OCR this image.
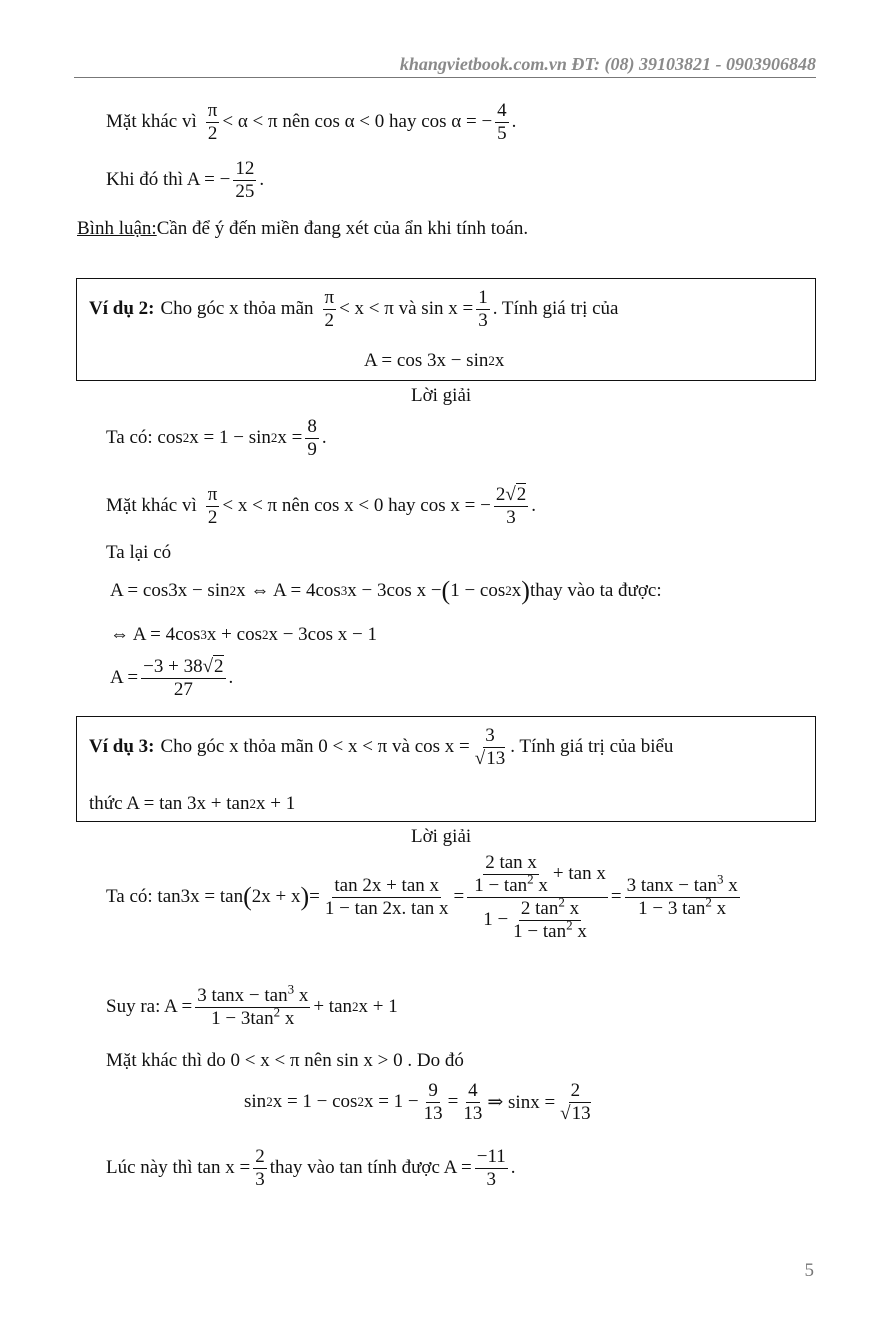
khangvietbook.com.vn ĐT: (08) 39103821 - 0903906848
Mặt khác vì $\frac{\pi}{2} < \alpha < \pi$ nên cos α < 0 hay cos α = − $\frac{4}{5}$ .
Khi đó thì A = − $\frac{12}{25}$ .
Bình luận: Cần để ý đến miền đang xét của ẩn khi tính toán.
Ví dụ 2: Cho góc x thỏa mãn $\frac{\pi}{2} < x < \pi$ và $\sin x = \frac{1}{3}$ . Tính giá trị của
A = cos 3x − sin 2 x
Lời giải
Ta có: cos 2 x = 1 − sin 2 $x = \frac{8}{9}$ .
Mặt khác vì $\frac{\pi}{2} < x < \pi$ nên cos x < 0 hay cos x = − $\frac{2√2}{3}$ .
Ta lại có
A = cos3x − sin 2 x ⇔ A = 4cos 3 x − 3cos x − ( 1 − cos 2 x ) thay vào ta được:
⇔ A = 4cos 3 x + cos 2 x − 3cos x − 1
$A = \frac{-3 + 38√2}{27}$ .
Ví dụ 3: Cho góc x thỏa mãn 0 < x < π và $\cos x = \frac{3}{√13}$ . Tính giá trị của biểu
thức A = tan 3x + tan 2 x + 1
Lời giải
Ta có: tan3x = tan ( 2x + x ) = $\frac{\text{tan 2x + tan x}}{\text{1 − tan 2x. tan x}} = \frac{\frac{\text{2 tan x}}{1 - \tan^2 x} + \tan x}{1 - \frac{2 \tan^2 x}{1 - \tan^2 x}} = \frac{3 \tan x - \tan^3 x}{1 - 3 \tan^2 x}$
Suy ra: $A = \frac{3 \tan x - \tan^3 x}{1 - 3\tan^2 x} + \tan 2$ x + 1
Mặt khác thì do 0 < x < π nên sin x > 0 . Do đó
sin 2 x = 1 − cos 2 $x = 1 - \frac{9}{13} = \frac{4}{13}$ ⇒ $\sin x = \frac{2}{√13}$
Lúc này thì $\tan x = \frac{2}{3}$ thay vào tan tính được $A = \frac{-11}{3}$ .
5
